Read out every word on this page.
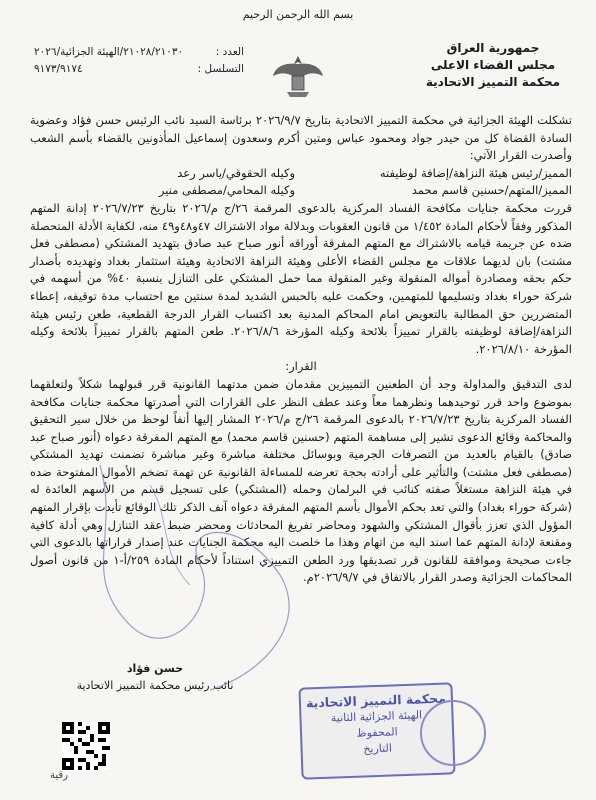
بسم الله الرحمن الرحيم
جمهورية العراق
مجلس القضاء الاعلى
محكمة التمييز الاتحادية
العدد :
٢١٠٢٨/٢١٠٣٠/الهيئة الجزائية/٢٠٢٦
التسلسل :
٩١٧٣/٩١٧٤

تشكلت الهيئة الجزائية في محكمة التمييز الاتحادية بتاريخ ٢٠٢٦/٩/٧ برئاسة السيد نائب الرئيس حسن فؤاد وعضوية السادة القضاة كل من حيدر جواد ومحمود عباس ومتين أكرم وسعدون إسماعيل المأذونين بالقضاء بأسم الشعب وأصدرت القرار الآتي:

المميز/رئيس هيئة النزاهة/إضافة لوظيفته
وكيله الحقوقي/ياسر رعد
المميز/المتهم/حسنين قاسم محمد
وكيله المحامي/مصطفى منير

قررت محكمة جنايات مكافحة الفساد المركزية بالدعوى المرقمة ٢٦/ج م/٢٠٢٦ بتاريخ ٢٠٢٦/٧/٢٣ إدانة المتهم المذكور وفقاً لأحكام المادة ١/٤٥٢ من قانون العقوبات وبدلالة مواد الاشتراك ٤٧و٤٨و٤٩ منه، لكفاية الأدلة المتحصلة ضده عن جريمة قيامه بالاشتراك مع المتهم المفرقة أوراقه أنور صباح عبد صادق بتهديد المشتكي (مصطفى فعل مشتت) بان لديهما علاقات مع مجلس القضاء الأعلى وهيئة النزاهة الاتحادية وهيئة استثمار بغداد وتهديده بأصدار حكم بحقه ومصادرة أمواله المنقولة وغير المنقولة مما حمل المشتكي على التنازل بنسبة ٤٠% من أسهمه في شركة حوراء بغداد وتسليمها للمتهمين، وحكمت عليه بالحبس الشديد لمدة سنتين مع احتساب مدة توقيفه، إعطاء المتضررين حق المطالبة بالتعويض امام المحاكم المدنية بعد اكتساب القرار الدرجة القطعية، طعن رئيس هيئة النزاهة/إضافة لوظيفته بالقرار تمييزاً بلائحة وكيله المؤرخة ٢٠٢٦/٨/٦. طعن المتهم بالقرار تمييزاً بلائحة وكيله المؤرخة ٢٠٢٦/٨/١٠.

القرار:

لدى التدقيق والمداولة وجد أن الطعنين التمييزين مقدمان ضمن مدتهما القانونية قرر قبولهما شكلاً ولتعلقهما بموضوع واحد قرر توحيدهما ونظرهما معاً وعند عطف النظر على القرارات التي أصدرتها محكمة جنايات مكافحة الفساد المركزية بتاريخ ٢٠٢٦/٧/٢٣ بالدعوى المرقمة ٢٦/ج م/٢٠٢٦ المشار إليها أنفاً لوحظ من خلال سير التحقيق والمحاكمة وقائع الدعوى تشير إلى مساهمة المتهم (حسنين قاسم محمد) مع المتهم المفرقة دعواه (أنور صباح عبد صادق) بالقيام بالعديد من التصرفات الجرمية وبوسائل مختلفة مباشرة وغير مباشرة تضمنت تهديد المشتكي (مصطفى فعل مشتت) والتأثير على أرادته بحجة تعرضه للمساءلة القانونية عن تهمة تضخم الأموال المفتوحة ضده في هيئة النزاهة مستغلاً صفته كنائب في البرلمان وحمله (المشتكي) على تسجيل قسم من الأسهم العائدة له (شركة حوراء بغداد) والتي تعد بحكم الأموال بأسم المتهم المفرقة دعواه آنف الذكر تلك الوقائع تأيدت بإقرار المتهم المؤول الذي تعزز بأقوال المشتكي والشهود ومحاضر تفريغ المحادثات ومحضر ضبط عقد التنازل وهي أدلة كافية ومقنعة لإدانة المتهم عما اسند اليه من اتهام وهذا ما خلصت اليه محكمة الجنايات عند إصدار قراراتها بالدعوى التي جاءت صحيحة وموافقة للقانون قرر تصديقها ورد الطعن التمييزي استناداً لأحكام المادة ٢٥٩/أ-١ من قانون أصول المحاكمات الجزائية وصدر القرار بالاتفاق في ٢٠٢٦/٩/٧م.

حسن فؤاد
نائب رئيس محكمة التمييز الاتحادية
محكمة التمييز الاتحادية
الهيئة الجزائية الثانية
المحفوظ
التاريخ
رقية
